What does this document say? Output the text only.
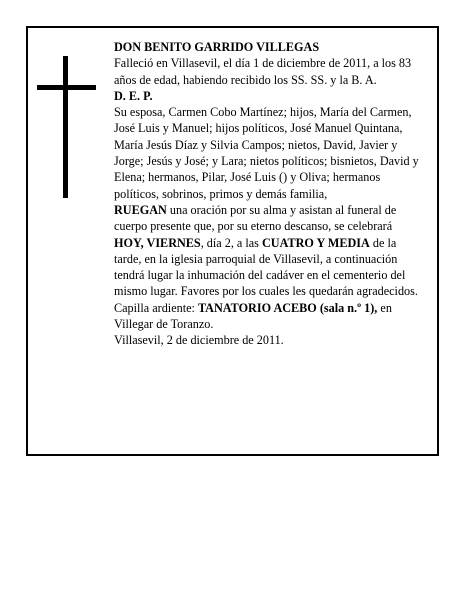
DON BENITO GARRIDO VILLEGAS

Falleció en Villasevil, el día 1 de diciembre de 2011, a los 83 años de edad, habiendo recibido los SS. SS. y la B. A.

D. E. P.

Su esposa, Carmen Cobo Martínez; hijos, María del Carmen, José Luis y Manuel; hijos políticos, José Manuel Quintana, María Jesús Díaz y Silvia Campos; nietos, David, Javier y Jorge; Jesús y José; y Lara; nietos políticos; bisnietos, David y Elena; hermanos, Pilar, José Luis () y Oliva; hermanos políticos, sobrinos, primos y demás familia,

RUEGAN una oración por su alma y asistan al funeral de cuerpo presente que, por su eterno descanso, se celebrará HOY, VIERNES, día 2, a las CUATRO Y MEDIA de la tarde, en la iglesia parroquial de Villasevil, a continuación tendrá lugar la inhumación del cadáver en el cementerio del mismo lugar. Favores por los cuales les quedarán agradecidos. Capilla ardiente: TANATORIO ACEBO (sala n.º 1), en Villegar de Toranzo.

Villasevil, 2 de diciembre de 2011.
